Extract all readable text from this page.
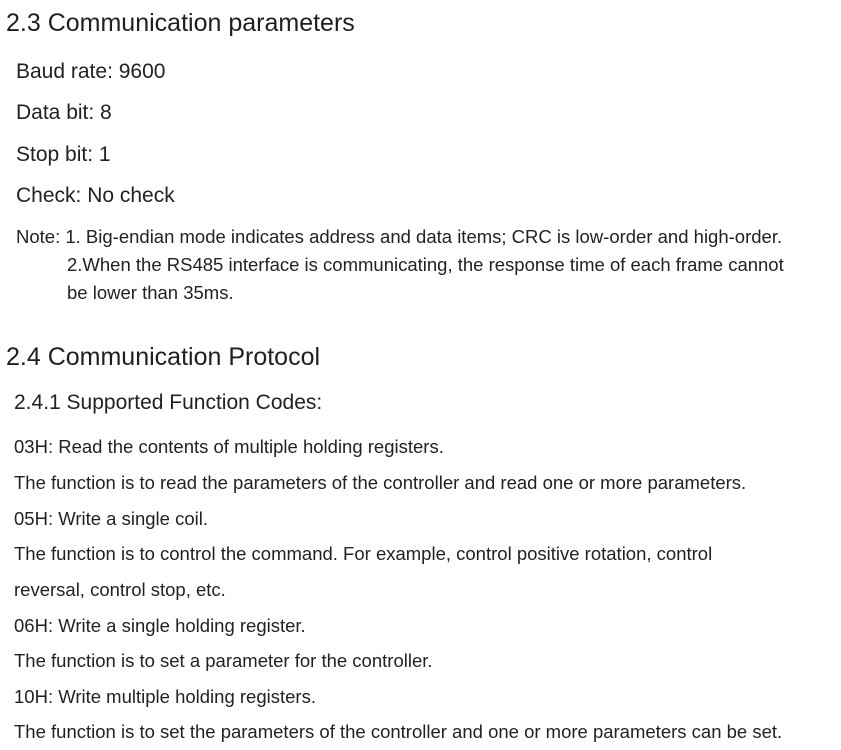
2.3 Communication parameters
Baud rate: 9600
Data bit: 8
Stop bit: 1
Check: No check
Note: 1. Big-endian mode indicates address and data items; CRC is low-order and high-order.
2.When the RS485 interface is communicating, the response time of each frame cannot
be lower than 35ms.
2.4 Communication Protocol
2.4.1 Supported Function Codes:
03H: Read the contents of multiple holding registers.
The function is to read the parameters of the controller and read one or more parameters.
05H: Write a single coil.
The function is to control the command. For example, control positive rotation, control
reversal, control stop, etc.
06H: Write a single holding register.
The function is to set a parameter for the controller.
10H: Write multiple holding registers.
The function is to set the parameters of the controller and one or more parameters can be set.
